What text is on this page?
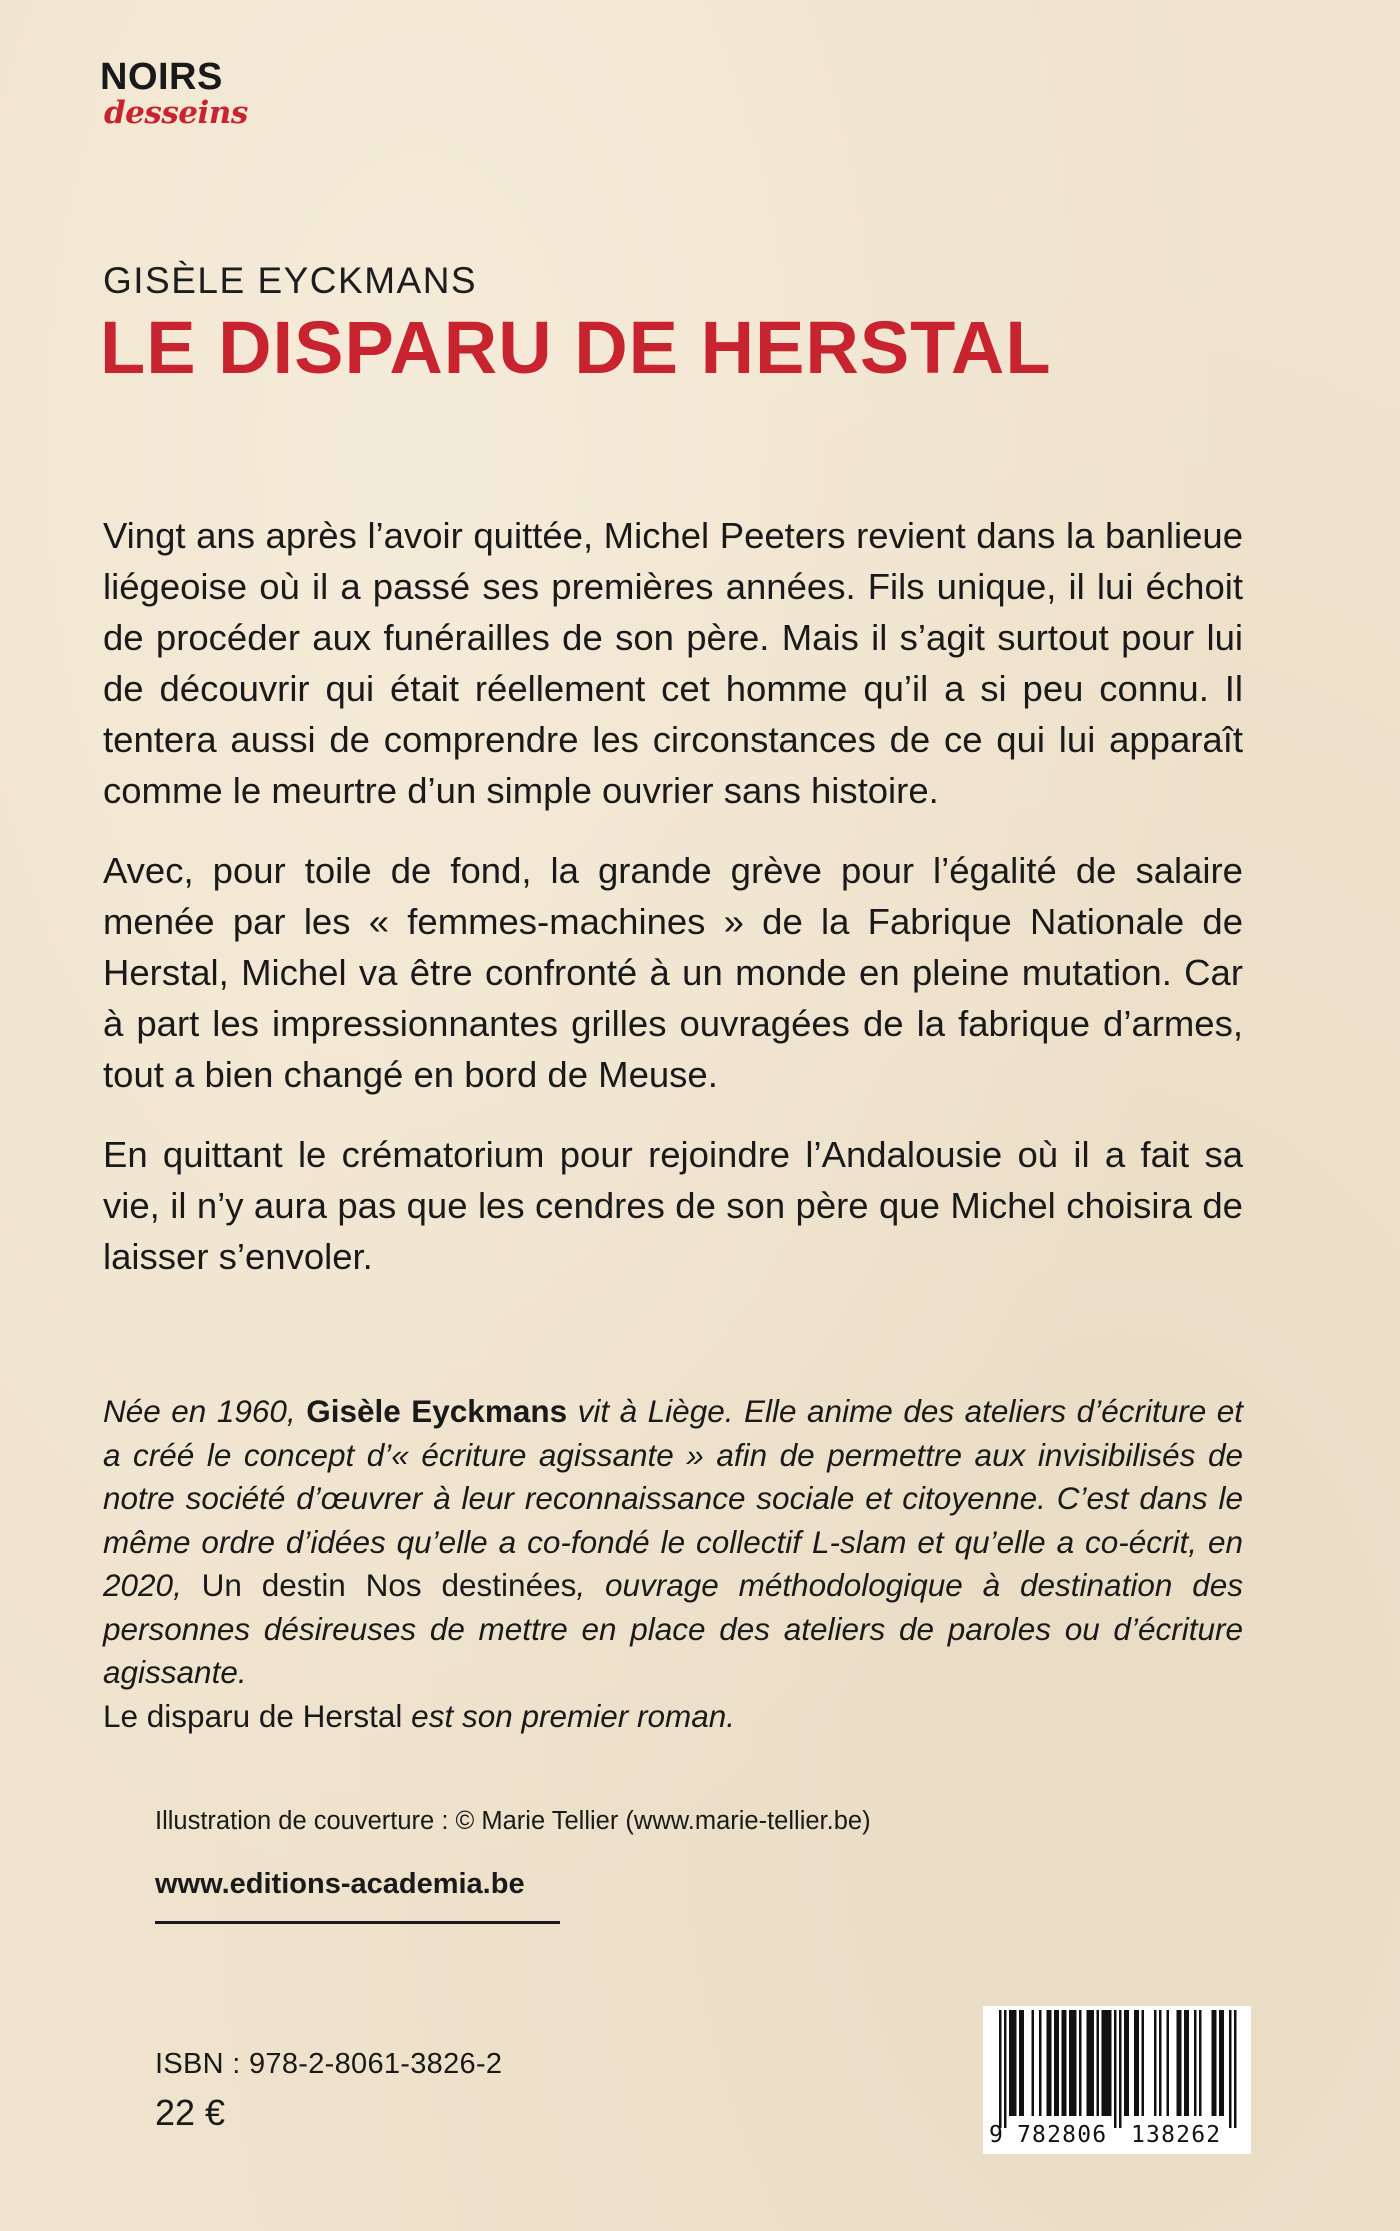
NOIRS
desseins
GISÈLE EYCKMANS
LE DISPARU DE HERSTAL

Vingt ans après l’avoir quittée, Michel Peeters revient dans la banlieue liégeoise où il a passé ses premières années. Fils unique, il lui échoit de procéder aux funérailles de son père. Mais il s’agit surtout pour lui de découvrir qui était réellement cet homme qu’il a si peu connu. Il tentera aussi de comprendre les circonstances de ce qui lui apparaît comme le meurtre d’un simple ouvrier sans histoire.

Avec, pour toile de fond, la grande grève pour l’égalité de salaire menée par les « femmes-machines » de la Fabrique Nationale de Herstal, Michel va être confronté à un monde en pleine mutation. Car à part les impressionnantes grilles ouvragées de la fabrique d’armes, tout a bien changé en bord de Meuse.

En quittant le crématorium pour rejoindre l’Andalousie où il a fait sa vie, il n’y aura pas que les cendres de son père que Michel choisira de laisser s’envoler.

Née en 1960, Gisèle Eyckmans vit à Liège. Elle anime des ateliers d’écriture et a créé le concept d’« écriture agissante » afin de permettre aux invisibilisés de notre société d’œuvrer à leur reconnaissance sociale et citoyenne. C’est dans le même ordre d’idées qu’elle a co-fondé le collectif L-slam et qu’elle a co-écrit, en 2020, Un destin Nos destinées, ouvrage méthodologique à destination des personnes désireuses de mettre en place des ateliers de paroles ou d’écriture agissante.

Le disparu de Herstal est son premier roman.

Illustration de couverture : © Marie Tellier (www.marie-tellier.be)
www.editions-academia.be
ISBN : 978-2-8061-3826-2
22 €
9 782806 138262
